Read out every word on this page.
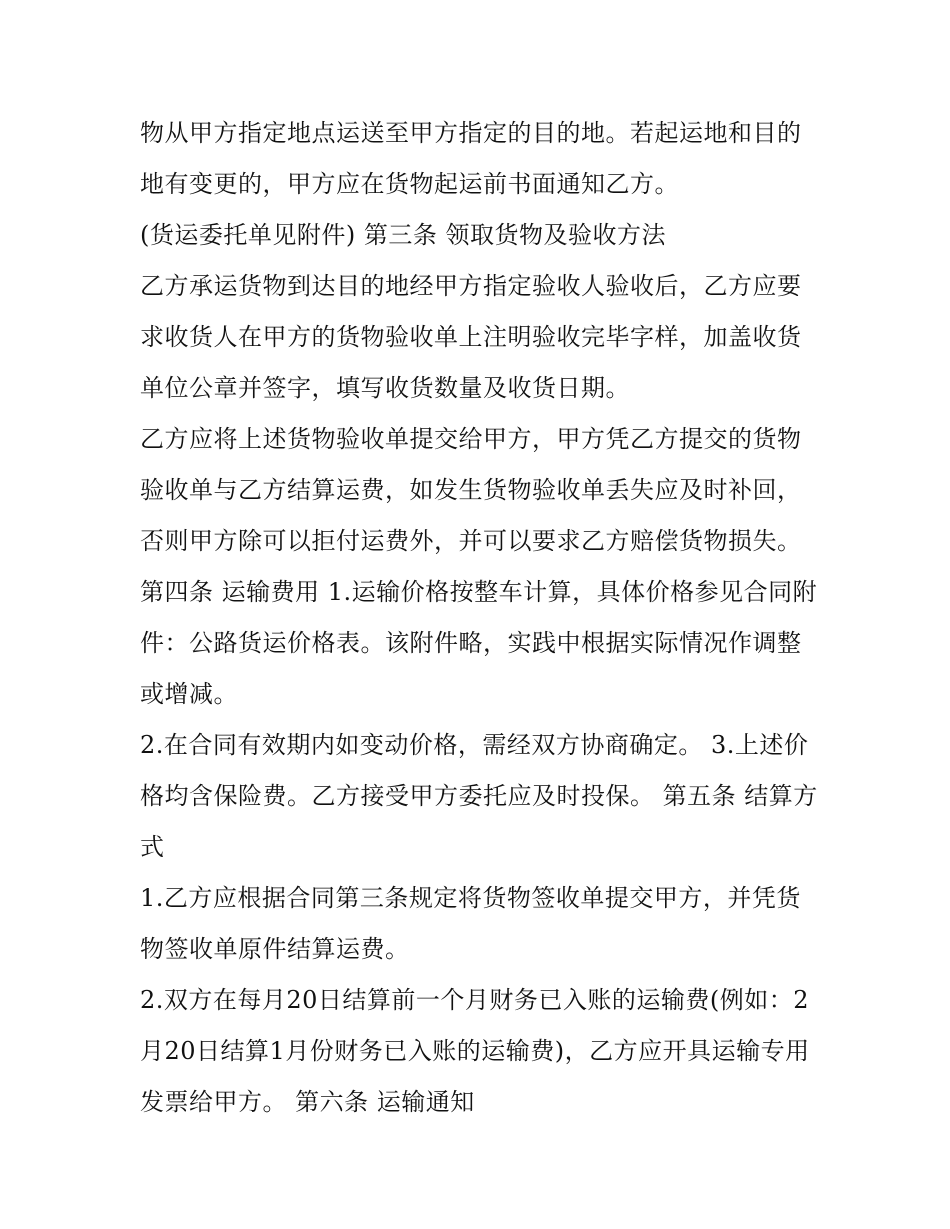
物从甲方指定地点运送至甲方指定的目的地。若起运地和目的地有变更的，甲方应在货物起运前书面通知乙方。

(货运委托单见附件) 第三条 领取货物及验收方法

乙方承运货物到达目的地经甲方指定验收人验收后，乙方应要求收货人在甲方的货物验收单上注明验收完毕字样，加盖收货单位公章并签字，填写收货数量及收货日期。

乙方应将上述货物验收单提交给甲方，甲方凭乙方提交的货物验收单与乙方结算运费，如发生货物验收单丢失应及时补回，否则甲方除可以拒付运费外，并可以要求乙方赔偿货物损失。

第四条 运输费用 1.运输价格按整车计算，具体价格参见合同附件：公路货运价格表。该附件略，实践中根据实际情况作调整或增减。

2.在合同有效期内如变动价格，需经双方协商确定。 3.上述价格均含保险费。乙方接受甲方委托应及时投保。 第五条 结算方式

1.乙方应根据合同第三条规定将货物签收单提交甲方，并凭货物签收单原件结算运费。

2.双方在每月20日结算前一个月财务已入账的运输费(例如：2月20日结算1月份财务已入账的运输费)，乙方应开具运输专用发票给甲方。 第六条 运输通知
